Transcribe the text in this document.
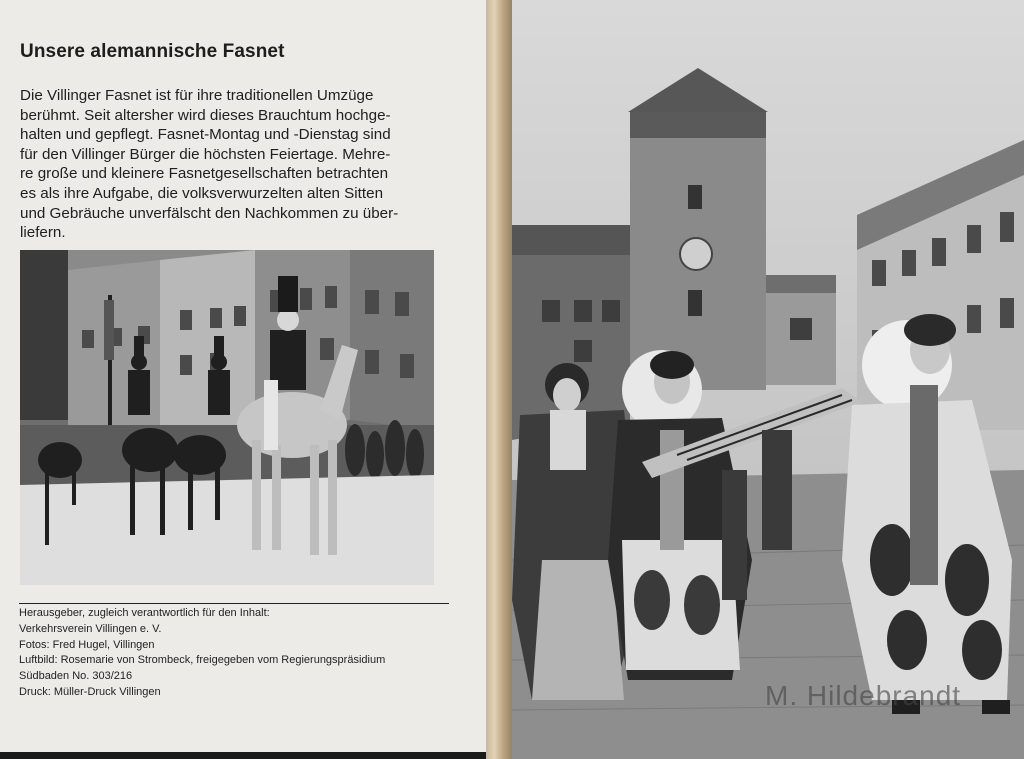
Unsere alemannische Fasnet
Die Villinger Fasnet ist für ihre traditionellen Umzüge
berühmt. Seit altersher wird dieses Brauchtum hochge-
halten und gepflegt. Fasnet-Montag und -Dienstag sind
für den Villinger Bürger die höchsten Feiertage. Mehre-
re große und kleinere Fasnetgesellschaften betrachten
es als ihre Aufgabe, die volksverwurzelten alten Sitten
und Gebräuche unverfälscht den Nachkommen zu über-
liefern.
Herausgeber, zugleich verantwortlich für den Inhalt:
Verkehrsverein Villingen e. V.
Fotos: Fred Hugel, Villingen
Luftbild: Rosemarie von Strombeck, freigegeben vom Regierungspräsidium
Südbaden No. 303/216
Druck: Müller-Druck Villingen	M. Hildebrandt
